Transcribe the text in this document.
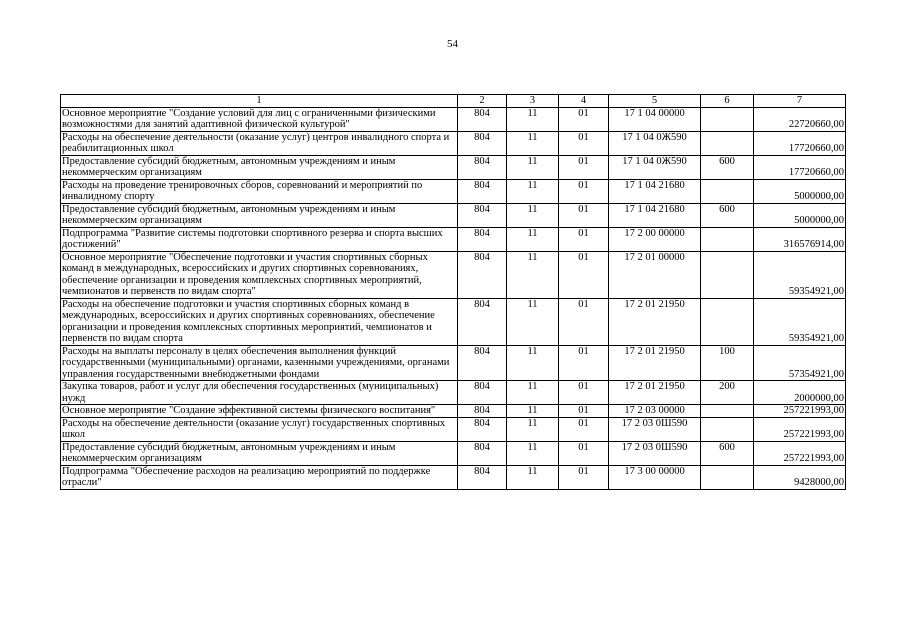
54
1	2	3	4	5	6	7
Основное мероприятие "Создание условий для лиц с ограниченными физическими возможностями для занятий адаптивной физической культурой"	804	11	01	17 1 04 00000		22720660,00
Расходы на обеспечение деятельности (оказание услуг) центров инвалидного спорта и реабилитационных школ	804	11	01	17 1 04 0Ж590		17720660,00
Предоставление субсидий бюджетным, автономным учреждениям и иным некоммерческим организациям	804	11	01	17 1 04 0Ж590	600	17720660,00
Расходы на проведение тренировочных сборов, соревнований и мероприятий по инвалидному спорту	804	11	01	17 1 04 21680		5000000,00
Предоставление субсидий бюджетным, автономным учреждениям и иным некоммерческим организациям	804	11	01	17 1 04 21680	600	5000000,00
Подпрограмма "Развитие системы подготовки спортивного резерва и спорта высших достижений"	804	11	01	17 2 00 00000		316576914,00
Основное мероприятие "Обеспечение подготовки и участия спортивных сборных команд в международных, всероссийских и других спортивных соревнованиях, обеспечение организации и проведения комплексных спортивных мероприятий, чемпионатов и первенств по видам спорта"	804	11	01	17 2 01 00000		59354921,00
Расходы на обеспечение подготовки и участия спортивных сборных команд в международных, всероссийских и других спортивных соревнованиях, обеспечение организации и проведения комплексных спортивных мероприятий, чемпионатов и первенств по видам спорта	804	11	01	17 2 01 21950		59354921,00
Расходы на выплаты персоналу в целях обеспечения выполнения функций государственными (муниципальными) органами, казенными учреждениями, органами управления государственными внебюджетными фондами	804	11	01	17 2 01 21950	100	57354921,00
Закупка товаров, работ и услуг для обеспечения государственных (муниципальных) нужд	804	11	01	17 2 01 21950	200	2000000,00
Основное мероприятие "Создание эффективной системы физического воспитания"	804	11	01	17 2 03 00000		257221993,00
Расходы на обеспечение деятельности (оказание услуг) государственных спортивных школ	804	11	01	17 2 03 0Ш590		257221993,00
Предоставление субсидий бюджетным, автономным учреждениям и иным некоммерческим организациям	804	11	01	17 2 03 0Ш590	600	257221993,00
Подпрограмма "Обеспечение расходов на реализацию мероприятий по поддержке отрасли"	804	11	01	17 3 00 00000		9428000,00
